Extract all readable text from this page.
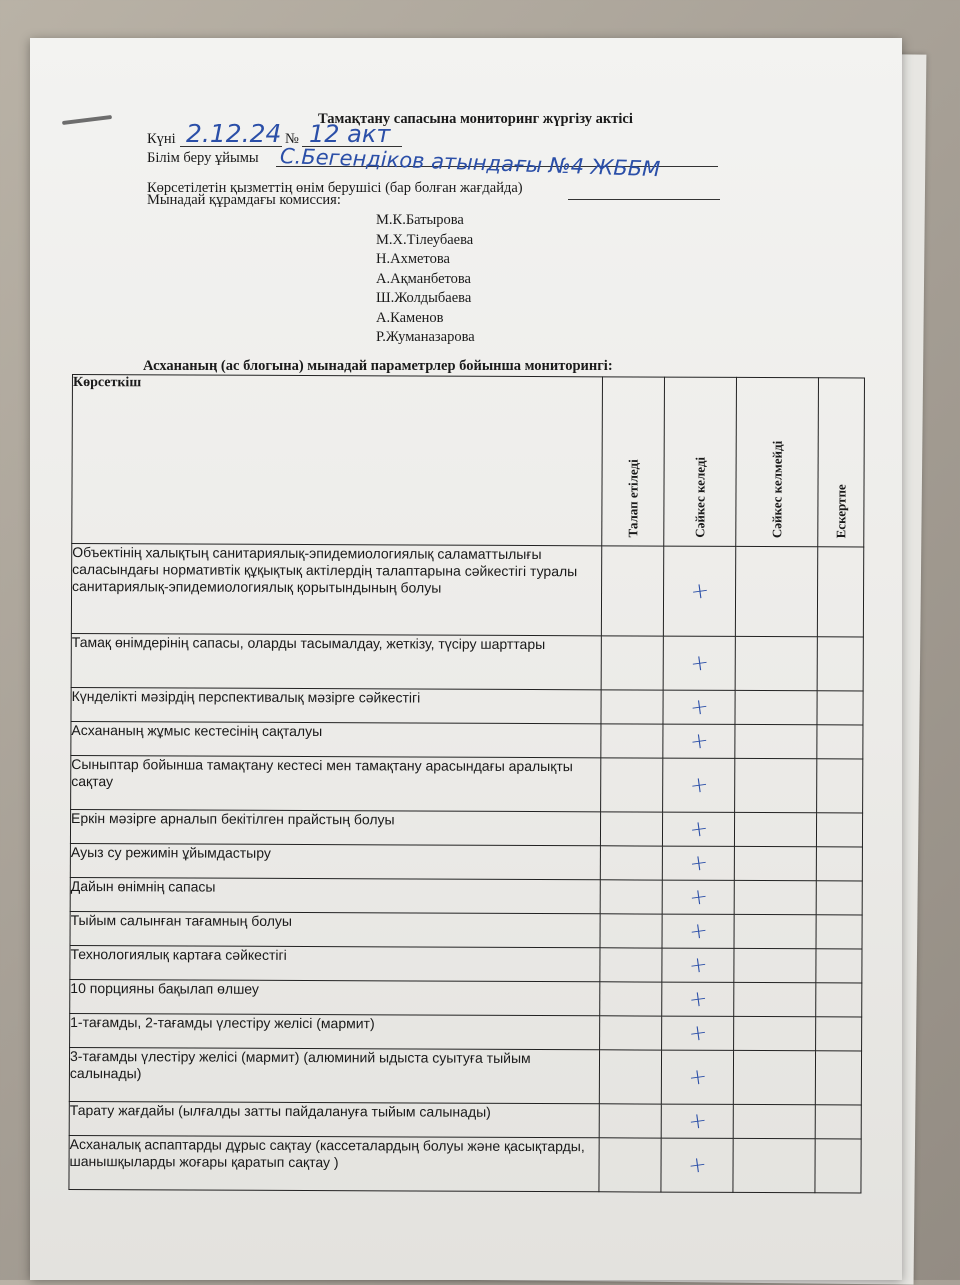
Тамақтану сапасына мониторинг жүргізу актісі
Күні 2.12.24 № 12 акт
Білім беру ұйымы С.Бегендіков атындағы №4 ЖББМ
Көрсетілетін қызметтің өнім берушісі (бар болған жағдайда)
Мынадай құрамдағы комиссия:
М.К.Батырова
М.Х.Тілеубаева
Н.Ахметова
А.Ақманбетова
Ш.Жолдыбаева
А.Каменов
Р.Жуманазарова
Асхананың (ас блогына) мынадай параметрлер бойынша мониторингі:
Көрсеткіш	Талап етіледі	Сәйкес келеді	Сәйкес келмейді	Ескертпе

Объектінің халықтың санитариялық-эпидемиологиялық саламаттылығы саласындағы нормативтік құқықтық актілердің талаптарына сәйкестігі туралы санитариялық-эпидемиологиялық қорытындының болуы		+		

Тамақ өнімдерінің сапасы, оларды тасымалдау, жеткізу, түсіру шарттары		+		

Күнделікті мәзірдің перспективалық мәзірге сәйкестігі		+		

Асхананың жұмыс кестесінің сақталуы		+		

Сыныптар бойынша тамақтану кестесі мен тамақтану арасындағы аралықты сақтау		+		

Еркін мәзірге арналып бекітілген прайстың болуы		+		

Ауыз су режимін ұйымдастыру		+		

Дайын өнімнің сапасы		+		

Тыйым салынған тағамның болуы		+		

Технологиялық картаға сәйкестігі		+		

10 порцияны бақылап өлшеу		+		

1-тағамды, 2-тағамды үлестіру желісі (мармит)		+		

3-тағамды үлестіру желісі (мармит) (алюминий ыдыста суытуға тыйым салынады)		+		

Тарату жағдайы (ылғалды затты пайдалануға тыйым салынады)		+		

Асханалық аспаптарды дұрыс сақтау (кассеталардың болуы және қасықтарды, шанышқыларды жоғары қаратып сақтау )		+		
